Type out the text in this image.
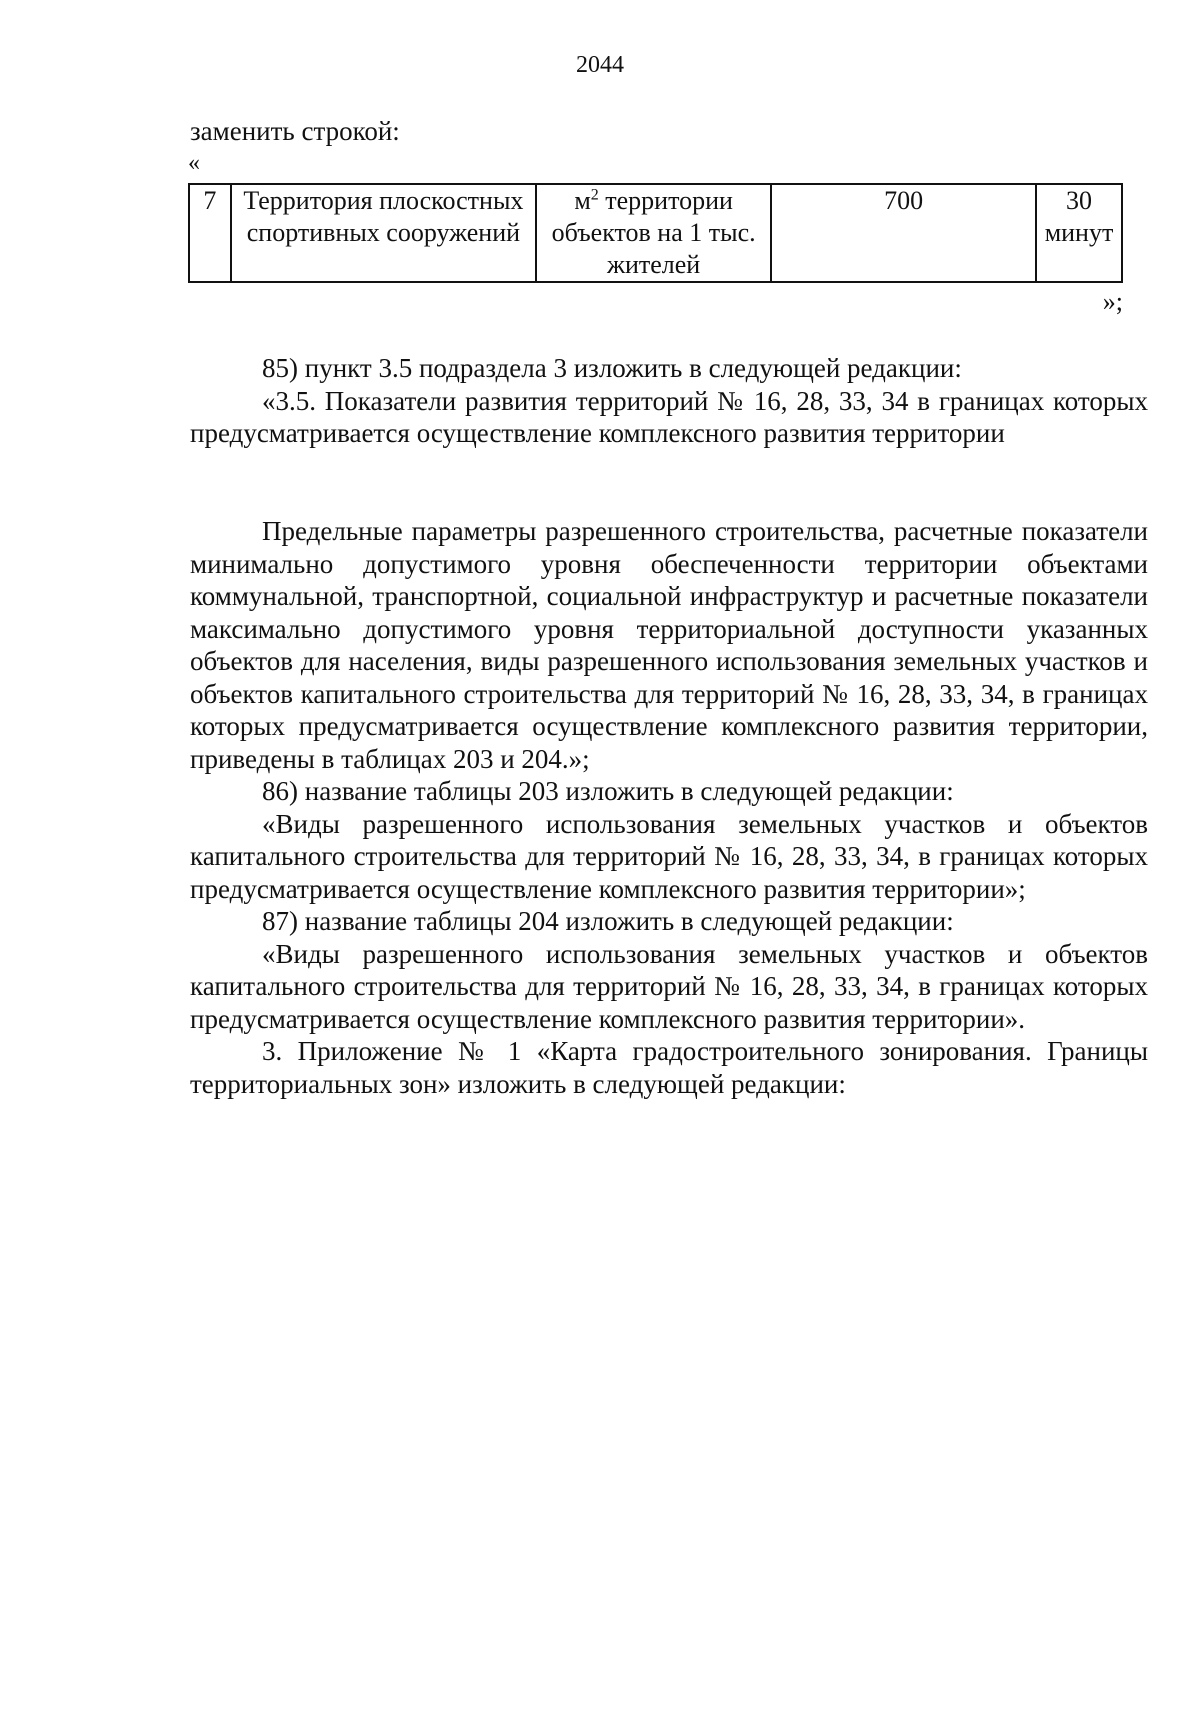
2044
заменить строкой:
«
7	Территория плоскостных спортивных сооружений	$м^2$ территории объектов на 1 тыс. жителей	700	30 минут
»;

85) пункт 3.5 подраздела 3 изложить в следующей редакции:

«3.5. Показатели развития территорий № 16, 28, 33, 34 в границах которых предусматривается осуществление комплексного развития территории

Предельные параметры разрешенного строительства, расчетные показатели минимально допустимого уровня обеспеченности территории объектами коммунальной, транспортной, социальной инфраструктур и расчетные показатели максимально допустимого уровня территориальной доступности указанных объектов для населения, виды разрешенного использования земельных участков и объектов капитального строительства для территорий № 16, 28, 33, 34, в границах которых предусматривается осуществление комплексного развития территории, приведены в таблицах 203 и 204.»;

86) название таблицы 203 изложить в следующей редакции:

«Виды разрешенного использования земельных участков и объектов капитального строительства для территорий № 16, 28, 33, 34, в границах которых предусматривается осуществление комплексного развития территории»;

87) название таблицы 204 изложить в следующей редакции:

«Виды разрешенного использования земельных участков и объектов капитального строительства для территорий № 16, 28, 33, 34, в границах которых предусматривается осуществление комплексного развития территории».

3. Приложение № 1 «Карта градостроительного зонирования. Границы территориальных зон» изложить в следующей редакции:
